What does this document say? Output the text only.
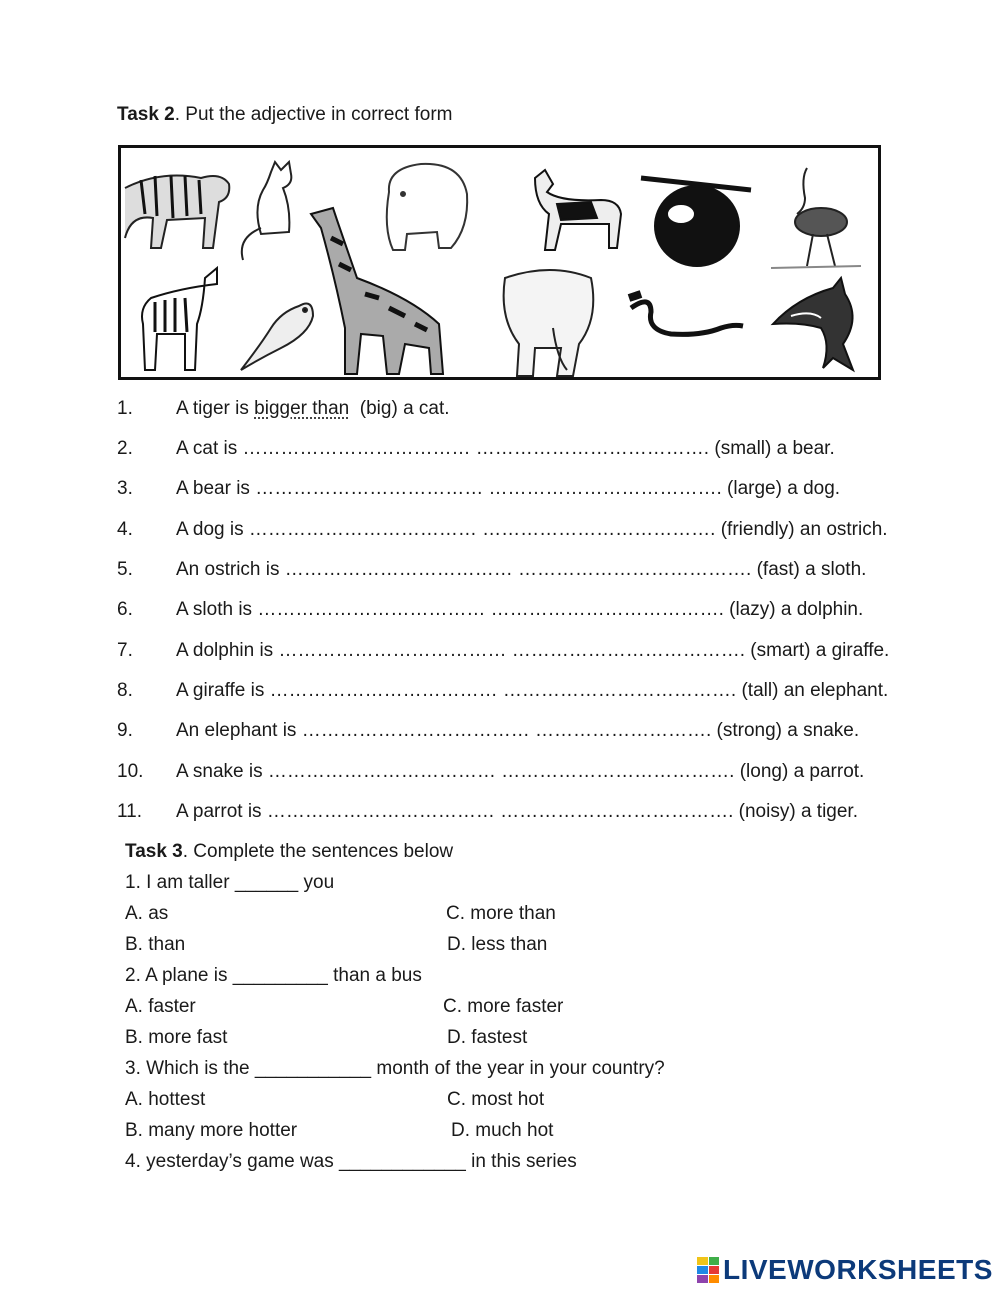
Task 2. Put the adjective in correct form
1. A tiger is bigger than  (big) a cat.
2. A cat is ……………………………… ………………………………. (small) a bear.
3. A bear is ……………………………… ………………………………. (large) a dog.
4. A dog is ……………………………… ………………………………. (friendly) an ostrich.
5. An ostrich is ……………………………… ………………………………. (fast) a sloth.
6. A sloth is ……………………………… ………………………………. (lazy) a dolphin.
7. A dolphin is ……………………………… ………………………………. (smart) a giraffe.
8. A giraffe is ……………………………… ………………………………. (tall) an elephant.
9. An elephant is ……………………………… ………………………. (strong) a snake.
10. A snake is ……………………………… ………………………………. (long) a parrot.
11. A parrot is ……………………………… ………………………………. (noisy) a tiger.
Task 3. Complete the sentences below
1. I am taller ______ you
A. as	C. more than
B. than	D. less than
2. A plane is _________ than a bus
A. faster	C. more faster
B. more fast	D. fastest
3. Which is the ___________ month of the year in your country?
A. hottest	C. most hot
B. many more hotter	D. much hot
4. yesterday’s game was ____________ in this series
LIVEWORKSHEETS
